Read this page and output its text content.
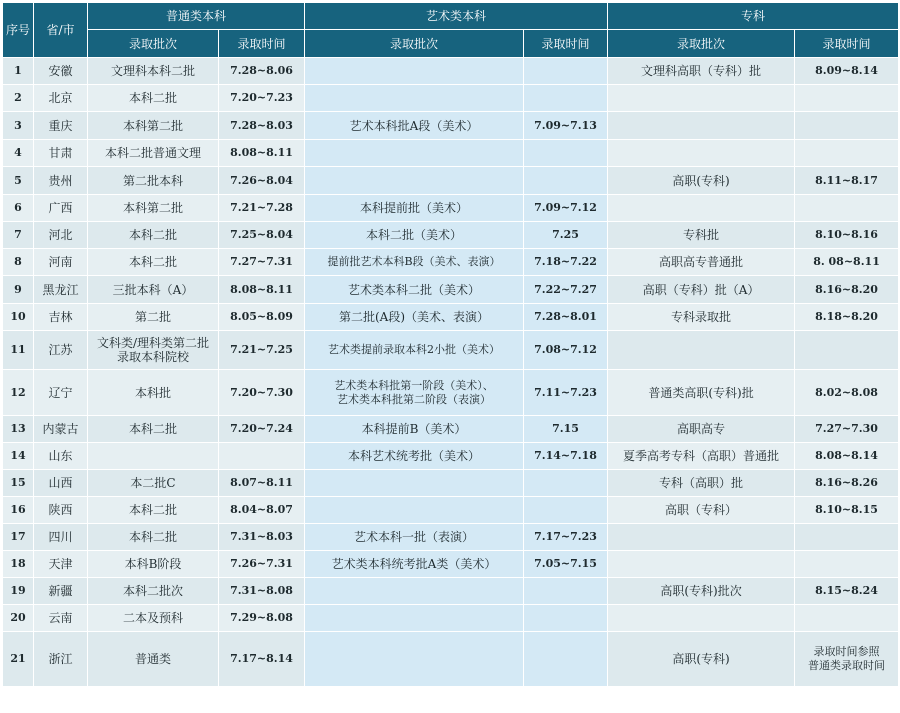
序号	省/市	普通类本科		艺术类本科		专科	
		录取批次	录取时间	录取批次	录取时间	录取批次	录取时间
1	安徽	文理科本科二批	7.28~8.06			文理科高职（专科）批	8.09~8.14
2	北京	本科二批	7.20~7.23				
3	重庆	本科第二批	7.28~8.03	艺术本科批A段（美术）	7.09~7.13		
4	甘肃	本科二批普通文理	8.08~8.11				
5	贵州	第二批本科	7.26~8.04			高职(专科)	8.11~8.17
6	广西	本科第二批	7.21~7.28	本科提前批（美术）	7.09~7.12		
7	河北	本科二批	7.25~8.04	本科二批（美术）	7.25	专科批	8.10~8.16
8	河南	本科二批	7.27~7.31	提前批艺术本科B段（美术、表演）	7.18~7.22	高职高专普通批	8. 08~8.11
9	黑龙江	三批本科（A）	8.08~8.11	艺术类本科二批（美术）	7.22~7.27	高职（专科）批（A）	8.16~8.20
10	吉林	第二批	8.05~8.09	第二批(A段)（美术、表演）	7.28~8.01	专科录取批	8.18~8.20
11	江苏	文科类/理科类第二批
录取本科院校	7.21~7.25	艺术类提前录取本科2小批（美术）	7.08~7.12		
12	辽宁	本科批	7.20~7.30	艺术类本科批第一阶段（美术）、
艺术类本科批第二阶段（表演）	7.11~7.23	普通类高职(专科)批	8.02~8.08
13	内蒙古	本科二批	7.20~7.24	本科提前B（美术）	7.15	高职高专	7.27~7.30
14	山东			本科艺术统考批（美术）	7.14~7.18	夏季高考专科（高职）普通批	8.08~8.14
15	山西	本二批C	8.07~8.11			专科（高职）批	8.16~8.26
16	陕西	本科二批	8.04~8.07			高职（专科）	8.10~8.15
17	四川	本科二批	7.31~8.03	艺术本科一批（表演）	7.17~7.23		
18	天津	本科B阶段	7.26~7.31	艺术类本科统考批A类（美术）	7.05~7.15		
19	新疆	本科二批次	7.31~8.08			高职(专科)批次	8.15~8.24
20	云南	二本及预科	7.29~8.08				
21	浙江	普通类	7.17~8.14			高职(专科)	录取时间参照
普通类录取时间
